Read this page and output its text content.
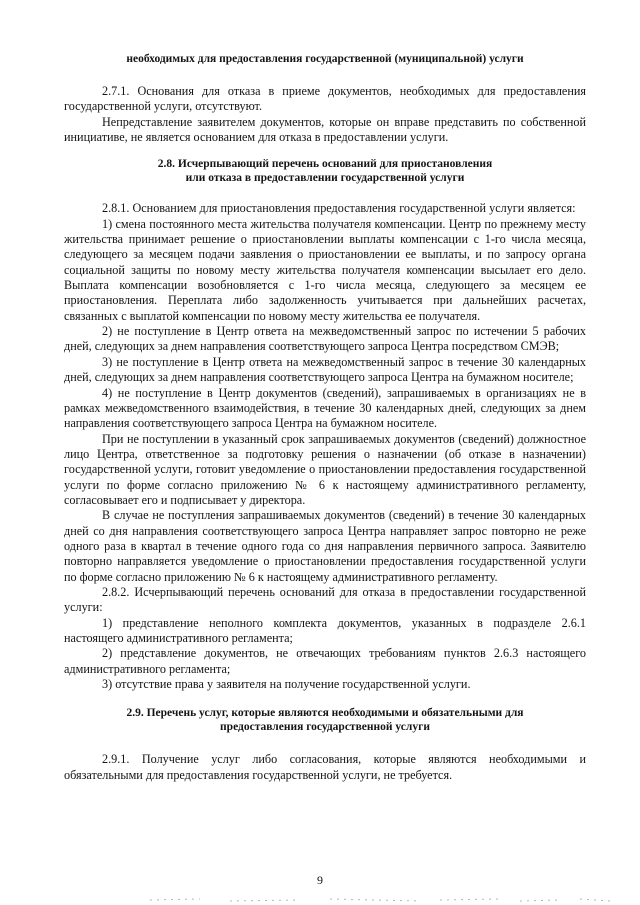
необходимых для предоставления государственной (муниципальной) услуги

2.7.1. Основания для отказа в приеме документов, необходимых для предоставления государственной услуги, отсутствуют.

Непредставление заявителем документов, которые он вправе представить по собственной инициативе, не является основанием для отказа в предоставлении услуги.

2.8. Исчерпывающий перечень оснований для приостановления
или отказа в предоставлении государственной услуги

2.8.1. Основанием для приостановления предоставления государственной услуги является:

1) смена постоянного места жительства получателя компенсации. Центр по прежнему месту жительства принимает решение о приостановлении выплаты компенсации с 1-го числа месяца, следующего за месяцем подачи заявления о приостановлении ее выплаты, и по запросу органа социальной защиты по новому месту жительства получателя компенсации высылает его дело. Выплата компенсации возобновляется с 1-го числа месяца, следующего за месяцем ее приостановления. Переплата либо задолженность учитывается при дальнейших расчетах, связанных с выплатой компенсации по новому месту жительства ее получателя.

2) не поступление в Центр ответа на межведомственный запрос по истечении 5 рабочих дней, следующих за днем направления соответствующего запроса Центра посредством СМЭВ;

3) не поступление в Центр ответа на межведомственный запрос в течение 30 календарных дней, следующих за днем направления соответствующего запроса Центра на бумажном носителе;

4) не поступление в Центр документов (сведений), запрашиваемых в организациях не в рамках межведомственного взаимодействия, в течение 30 календарных дней, следующих за днем направления соответствующего запроса Центра на бумажном носителе.

При не поступлении в указанный срок запрашиваемых документов (сведений) должностное лицо Центра, ответственное за подготовку решения о назначении (об отказе в назначении) государственной услуги, готовит уведомление о приостановлении предоставления государственной услуги по форме согласно приложению № 6 к настоящему административного регламенту, согласовывает его и подписывает у директора.

В случае не поступления запрашиваемых документов (сведений) в течение 30 календарных дней со дня направления соответствующего запроса Центра направляет запрос повторно не реже одного раза в квартал в течение одного года со дня направления первичного запроса. Заявителю повторно направляется уведомление о приостановлении предоставления государственной услуги по форме согласно приложению № 6 к настоящему административного регламенту.

2.8.2. Исчерпывающий перечень оснований для отказа в предоставлении государственной услуги:

1) представление неполного комплекта документов, указанных в подразделе 2.6.1 настоящего административного регламента;

2) представление документов, не отвечающих требованиям пунктов 2.6.3 настоящего административного регламента;

3) отсутствие права у заявителя на получение государственной услуги.

2.9. Перечень услуг, которые являются необходимыми и обязательными для
предоставления государственной услуги

2.9.1. Получение услуг либо согласования, которые являются необходимыми и обязательными для предоставления государственной услуги, не требуется.

9
